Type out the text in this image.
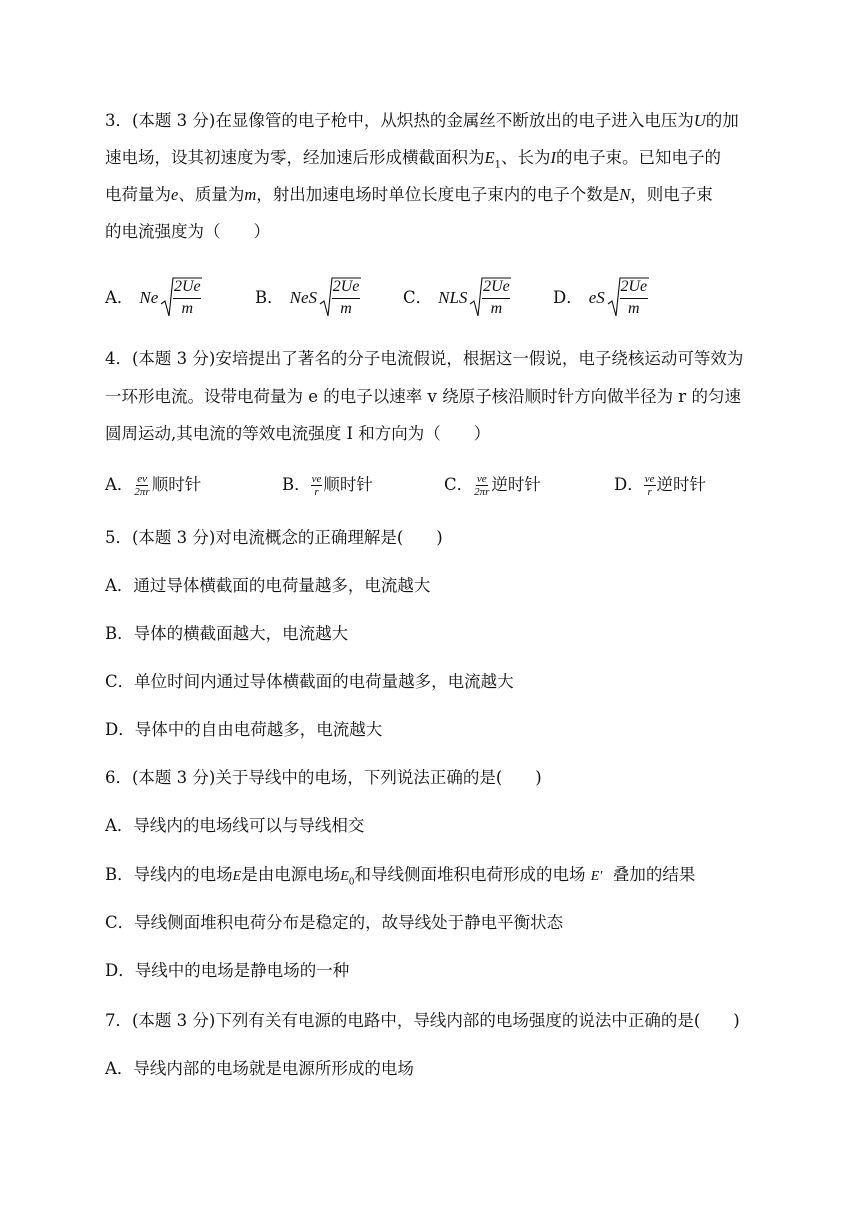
3．(本题 3 分)在显像管的电子枪中，从炽热的金属丝不断放出的电子进入电压为U的加
速电场，设其初速度为零，经加速后形成横截面积为$E_1$、长为I的电子束。已知电子的
电荷量为e、质量为m，射出加速电场时单位长度电子束内的电子个数是N，则电子束
的电流强度为（　　）
A． Ne $\frac{2Ue}{m}$	B． NeS $\frac{2Ue}{m}$	C． NLS $\frac{2Ue}{m}$	D． eS $\frac{2Ue}{m}$
4．(本题 3 分)安培提出了著名的分子电流假说，根据这一假说，电子绕核运动可等效为
一环形电流。设带电荷量为 e 的电子以速率 v 绕原子核沿顺时针方向做半径为 r 的匀速
圆周运动,其电流的等效电流强度 I 和方向为（　　）
A． $\frac{ev}{2\pi r}$ 顺时针	B． $\frac{ve}{r}$ 顺时针	C． $\frac{ve}{2\pi r}$ 逆时针	D． $\frac{ve}{r}$ 逆时针
5．(本题 3 分)对电流概念的正确理解是(　　)
A．通过导体横截面的电荷量越多，电流越大
B．导体的横截面越大，电流越大
C．单位时间内通过导体横截面的电荷量越多，电流越大
D．导体中的自由电荷越多，电流越大
6．(本题 3 分)关于导线中的电场，下列说法正确的是(　　)
A．导线内的电场线可以与导线相交
B．导线内的电场E是由电源电场$E_0$和导线侧面堆积电荷形成的电场 E′ 叠加的结果
C．导线侧面堆积电荷分布是稳定的，故导线处于静电平衡状态
D．导线中的电场是静电场的一种
7．(本题 3 分)下列有关有电源的电路中，导线内部的电场强度的说法中正确的是(　　)
A．导线内部的电场就是电源所形成的电场
